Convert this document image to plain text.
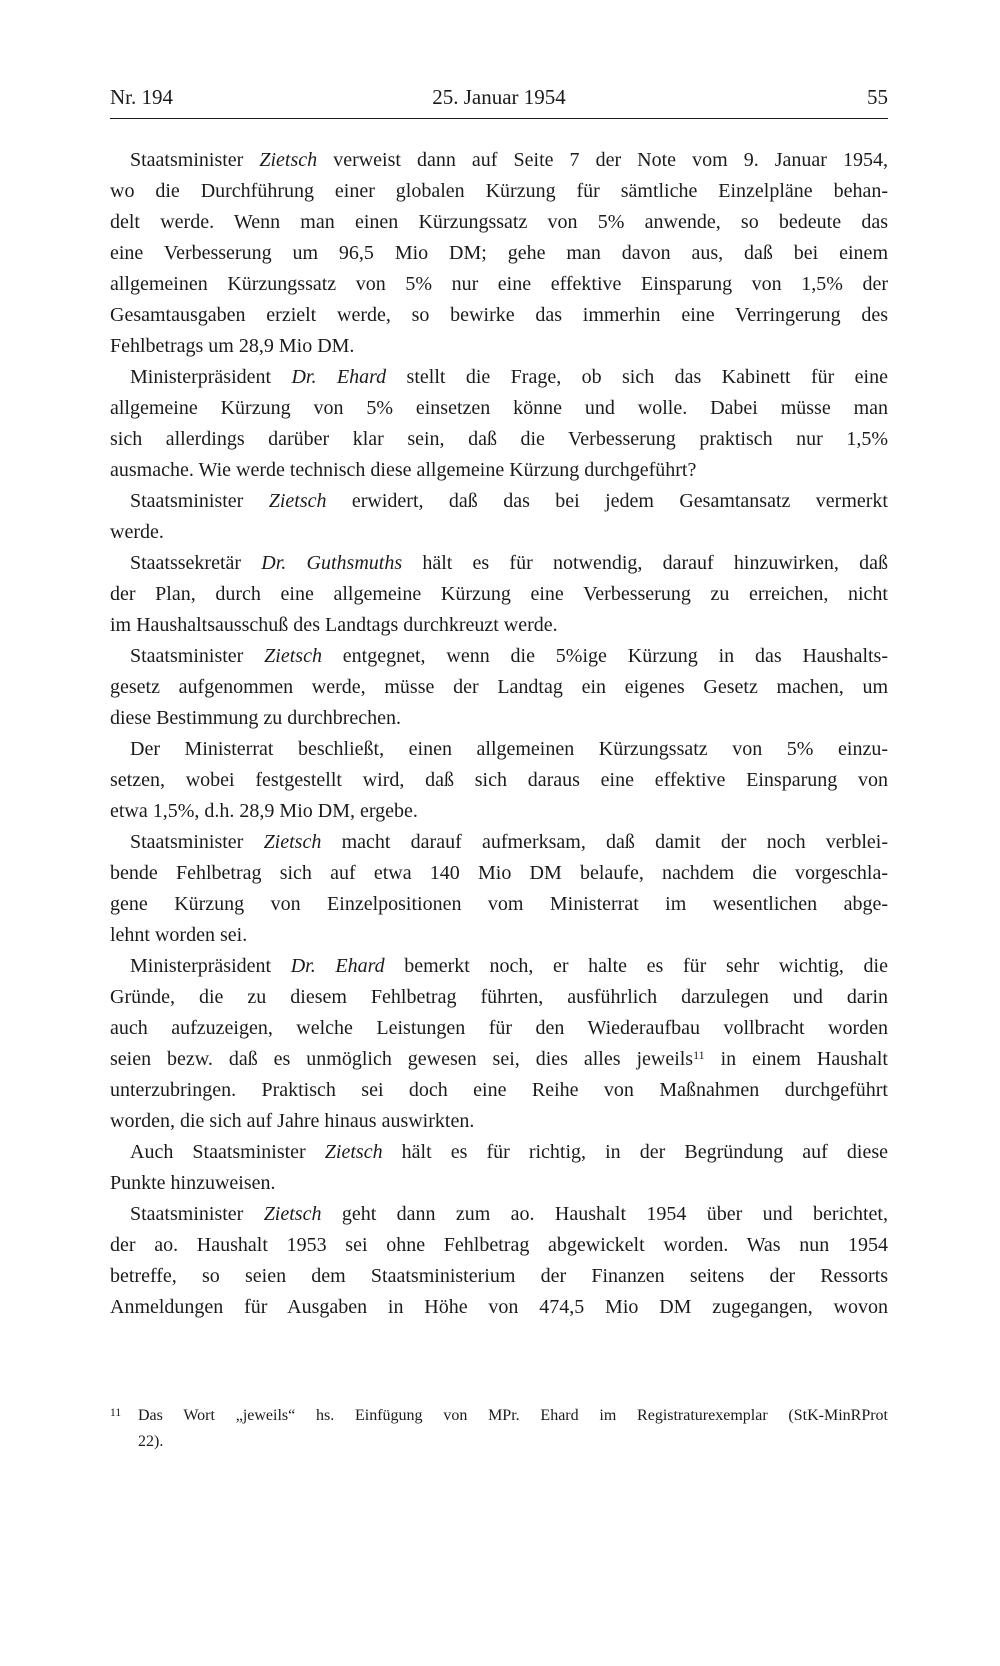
Nr. 194	25. Januar 1954	55
Staatsminister Zietsch verweist dann auf Seite 7 der Note vom 9. Januar 1954,
wo die Durchführung einer globalen Kürzung für sämtliche Einzelpläne behan-
delt werde. Wenn man einen Kürzungssatz von 5% anwende, so bedeute das
eine Verbesserung um 96,5 Mio DM; gehe man davon aus, daß bei einem
allgemeinen Kürzungssatz von 5% nur eine effektive Einsparung von 1,5% der
Gesamtausgaben erzielt werde, so bewirke das immerhin eine Verringerung des
Fehlbetrags um 28,9 Mio DM.
Ministerpräsident Dr. Ehard stellt die Frage, ob sich das Kabinett für eine
allgemeine Kürzung von 5% einsetzen könne und wolle. Dabei müsse man
sich allerdings darüber klar sein, daß die Verbesserung praktisch nur 1,5%
ausmache. Wie werde technisch diese allgemeine Kürzung durchgeführt?
Staatsminister Zietsch erwidert, daß das bei jedem Gesamtansatz vermerkt
werde.
Staatssekretär Dr. Guthsmuths hält es für notwendig, darauf hinzuwirken, daß
der Plan, durch eine allgemeine Kürzung eine Verbesserung zu erreichen, nicht
im Haushaltsausschuß des Landtags durchkreuzt werde.
Staatsminister Zietsch entgegnet, wenn die 5%ige Kürzung in das Haushalts-
gesetz aufgenommen werde, müsse der Landtag ein eigenes Gesetz machen, um
diese Bestimmung zu durchbrechen.
Der Ministerrat beschließt, einen allgemeinen Kürzungssatz von 5% einzu-
setzen, wobei festgestellt wird, daß sich daraus eine effektive Einsparung von
etwa 1,5%, d.h. 28,9 Mio DM, ergebe.
Staatsminister Zietsch macht darauf aufmerksam, daß damit der noch verblei-
bende Fehlbetrag sich auf etwa 140 Mio DM belaufe, nachdem die vorgeschla-
gene Kürzung von Einzelpositionen vom Ministerrat im wesentlichen abge-
lehnt worden sei.
Ministerpräsident Dr. Ehard bemerkt noch, er halte es für sehr wichtig, die
Gründe, die zu diesem Fehlbetrag führten, ausführlich darzulegen und darin
auch aufzuzeigen, welche Leistungen für den Wiederaufbau vollbracht worden
seien bezw. daß es unmöglich gewesen sei, dies alles jeweils$^{11}$ in einem Haushalt
unterzubringen. Praktisch sei doch eine Reihe von Maßnahmen durchgeführt
worden, die sich auf Jahre hinaus auswirkten.
Auch Staatsminister Zietsch hält es für richtig, in der Begründung auf diese
Punkte hinzuweisen.
Staatsminister Zietsch geht dann zum ao. Haushalt 1954 über und berichtet,
der ao. Haushalt 1953 sei ohne Fehlbetrag abgewickelt worden. Was nun 1954
betreffe, so seien dem Staatsministerium der Finanzen seitens der Ressorts
Anmeldungen für Ausgaben in Höhe von 474,5 Mio DM zugegangen, wovon
11 Das Wort „jeweils“ hs. Einfügung von MPr. Ehard im Registraturexemplar (StK-MinRProt
22).
